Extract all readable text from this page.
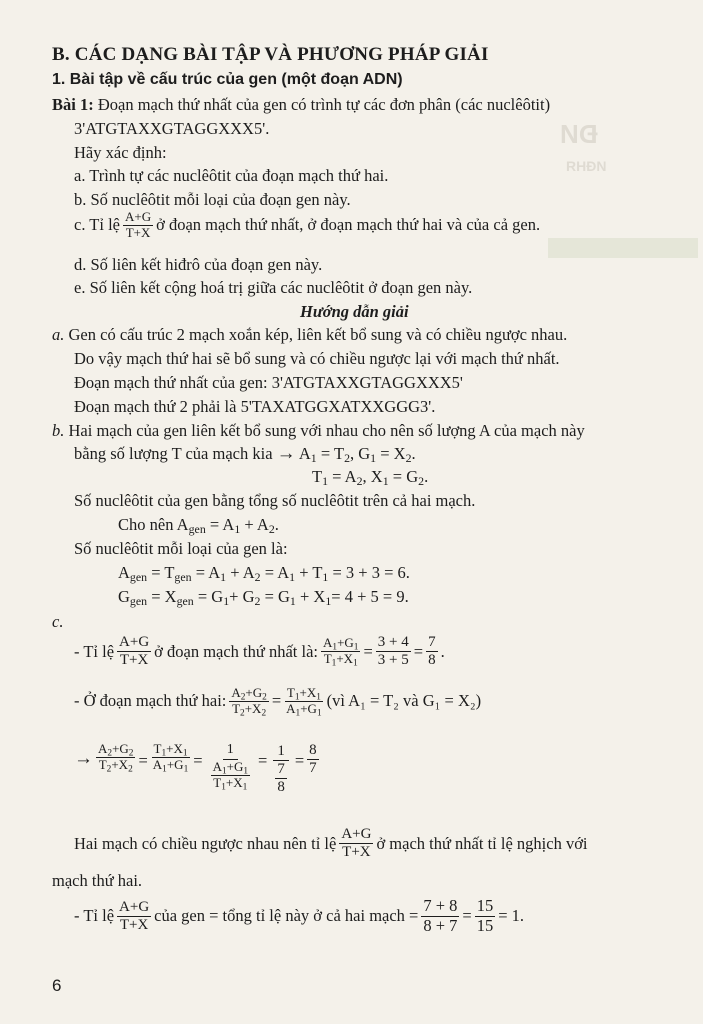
ÐN
RHÐN
B. CÁC DẠNG BÀI TẬP VÀ PHƯƠNG PHÁP GIẢI
1. Bài tập về cấu trúc của gen (một đoạn ADN)
Bài 1: Đoạn mạch thứ nhất của gen có trình tự các đơn phân (các nuclêôtit)
3'ATGTAXXGTAGGXXX5'.
Hãy xác định:
a. Trình tự các nuclêôtit của đoạn mạch thứ hai.
b. Số nuclêôtit mỗi loại của đoạn gen này.
c. Tỉ lệ $\frac{A+G}{T+X}$ ở đoạn mạch thứ nhất, ở đoạn mạch thứ hai và của cả gen.
d. Số liên kết hiđrô của đoạn gen này.
e. Số liên kết cộng hoá trị giữa các nuclêôtit ở đoạn gen này.
Hướng dẫn giải
a. Gen có cấu trúc 2 mạch xoắn kép, liên kết bổ sung và có chiều ngược nhau.
Do vậy mạch thứ hai sẽ bổ sung và có chiều ngược lại với mạch thứ nhất.
Đoạn mạch thứ nhất của gen: 3'ATGTAXXGTAGGXXX5'
Đoạn mạch thứ 2 phải là 5'TAXATGGXATXXGGG3'.
b. Hai mạch của gen liên kết bổ sung với nhau cho nên số lượng A của mạch này
bằng số lượng T của mạch kia → $A_1 = T_2$, $G_1 = X_2$.
$T_1 = A_2$, $X_1 = G_2$.
Số nuclêôtit của gen bằng tổng số nuclêôtit trên cả hai mạch.
Cho nên $A_{gen} = A_1 + A_2$.
Số nuclêôtit mỗi loại của gen là:
$A_{gen} = T_{gen} = A_1 + A_2 = A_1 + T_1 = 3 + 3 = 6$.
$G_{gen} = X_{gen} = G_1+ G_2 = G_1 + X_1= 4 + 5 = 9$.
c.
- Tỉ lệ $\frac{A+G}{T+X}$ ở đoạn mạch thứ nhất là: $\frac{A_1+G_1}{T_1+X_1} = \frac{3 + 4}{3 + 5} = \frac{7}{8}$ .
- Ở đoạn mạch thứ hai: $\frac{A_2+G_2}{T_2+X_2} = \frac{T_1+X_1}{A_1+G_1}$ (vì A₁ = T₂ và G₁ = X₂)
→ $\frac{A_2+G_2}{T_2+X_2} = \frac{T_1+X_1}{A_1+G_1} = \frac{1}{\frac{A_1+G_1}{T_1+X_1}} = \frac{1}{\frac{7}{8}} = \frac{8}{7}$
Hai mạch có chiều ngược nhau nên tỉ lệ $\frac{A+G}{T+X}$ ở mạch thứ nhất tỉ lệ nghịch với
mạch thứ hai.
- Tỉ lệ $\frac{A+G}{T+X}$ của gen = tổng tỉ lệ này ở cả hai mạch = $\frac{7 + 8}{8 + 7} = \frac{15}{15} = 1$.
6
